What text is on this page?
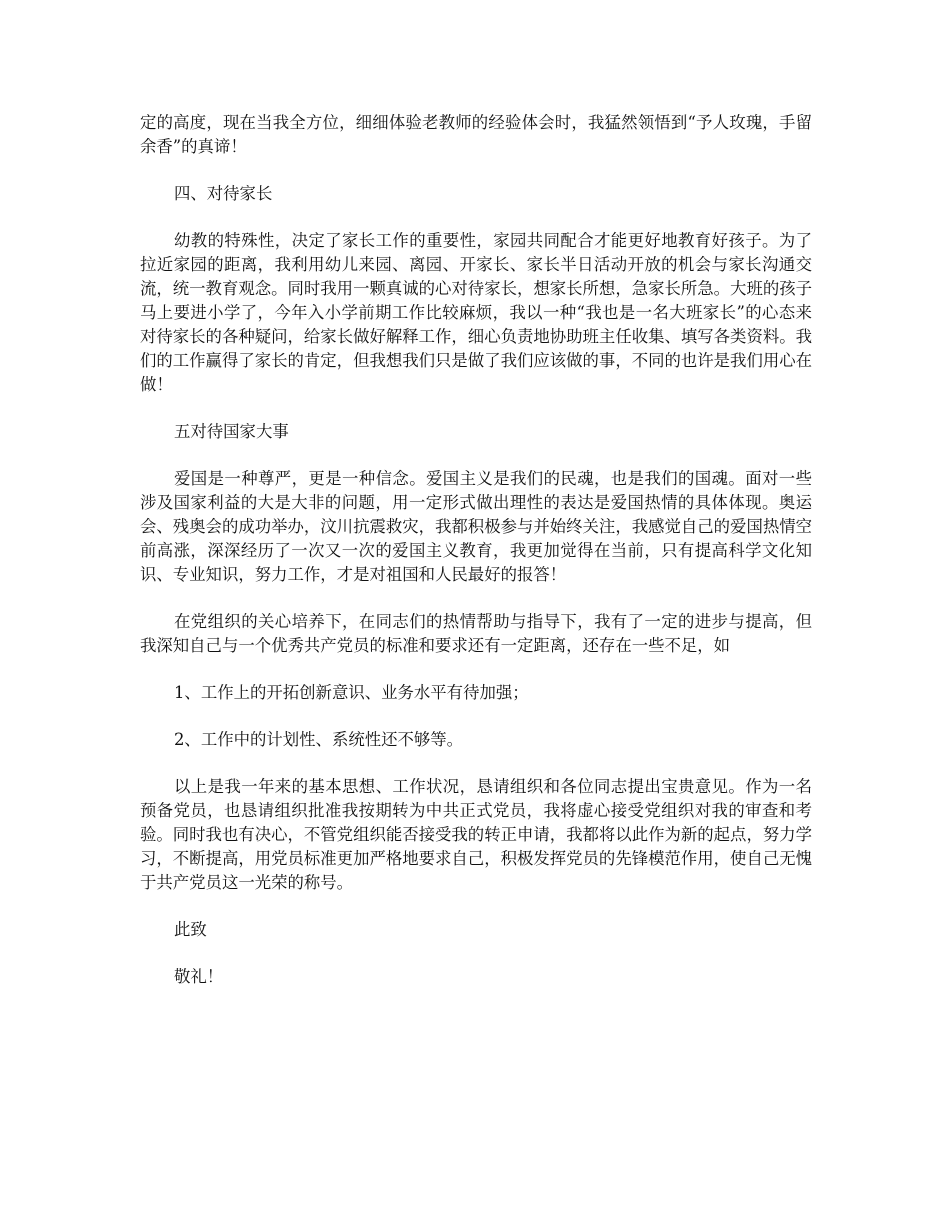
定的高度，现在当我全方位，细细体验老教师的经验体会时，我猛然领悟到“予人玫瑰，手留余香”的真谛！

四、对待家长

幼教的特殊性，决定了家长工作的重要性，家园共同配合才能更好地教育好孩子。为了拉近家园的距离，我利用幼儿来园、离园、开家长、家长半日活动开放的机会与家长沟通交流，统一教育观念。同时我用一颗真诚的心对待家长，想家长所想，急家长所急。大班的孩子马上要进小学了，今年入小学前期工作比较麻烦，我以一种“我也是一名大班家长”的心态来对待家长的各种疑问，给家长做好解释工作，细心负责地协助班主任收集、填写各类资料。我们的工作赢得了家长的肯定，但我想我们只是做了我们应该做的事，不同的也许是我们用心在做！

五对待国家大事

爱国是一种尊严，更是一种信念。爱国主义是我们的民魂，也是我们的国魂。面对一些涉及国家利益的大是大非的问题，用一定形式做出理性的表达是爱国热情的具体体现。奥运会、残奥会的成功举办，汶川抗震救灾，我都积极参与并始终关注，我感觉自己的爱国热情空前高涨，深深经历了一次又一次的爱国主义教育，我更加觉得在当前，只有提高科学文化知识、专业知识，努力工作，才是对祖国和人民最好的报答！

在党组织的关心培养下，在同志们的热情帮助与指导下，我有了一定的进步与提高，但我深知自己与一个优秀共产党员的标准和要求还有一定距离，还存在一些不足，如

1、工作上的开拓创新意识、业务水平有待加强；

2、工作中的计划性、系统性还不够等。

以上是我一年来的基本思想、工作状况，恳请组织和各位同志提出宝贵意见。作为一名预备党员，也恳请组织批准我按期转为中共正式党员，我将虚心接受党组织对我的审查和考验。同时我也有决心，不管党组织能否接受我的转正申请，我都将以此作为新的起点，努力学习，不断提高，用党员标准更加严格地要求自己，积极发挥党员的先锋模范作用，使自己无愧于共产党员这一光荣的称号。

此致

敬礼！
